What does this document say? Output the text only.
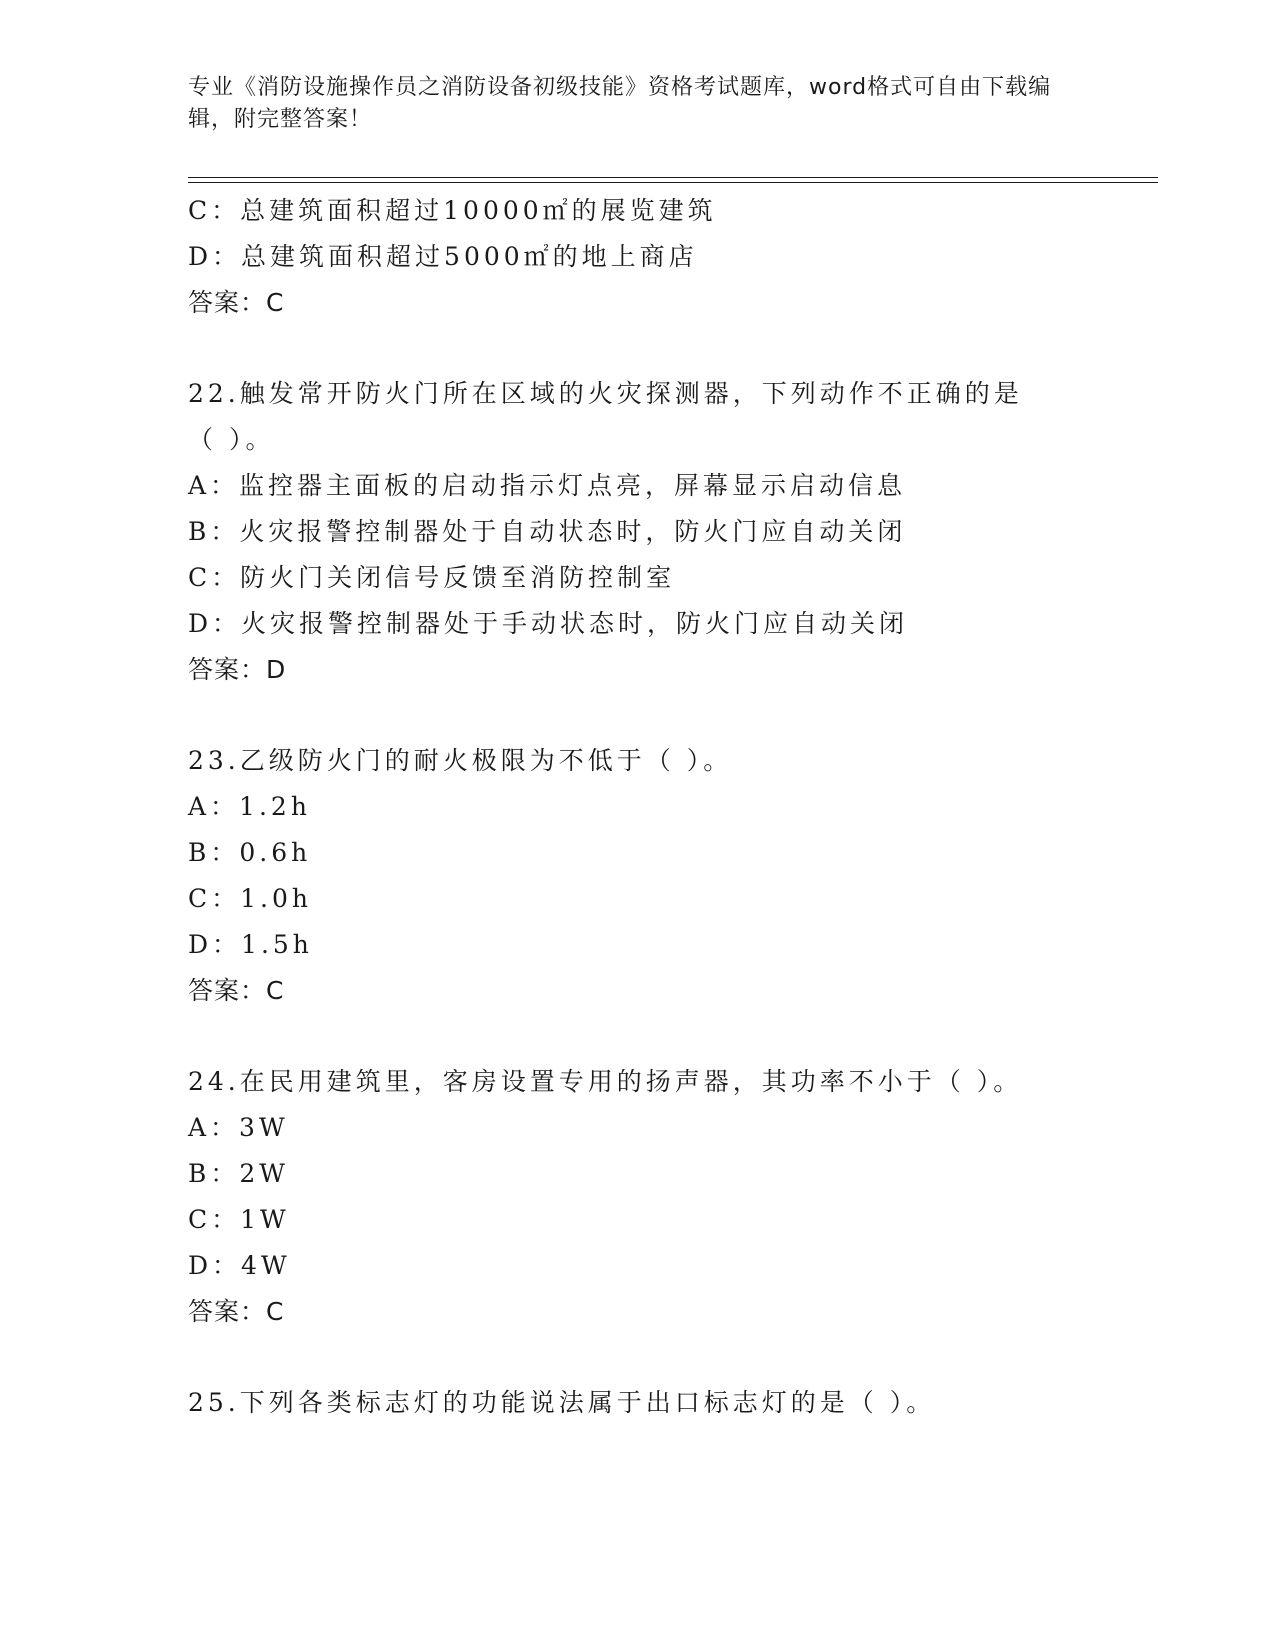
专业《消防设施操作员之消防设备初级技能》资格考试题库，word格式可自由下载编辑，附完整答案！
C：总建筑面积超过10000㎡的展览建筑
D：总建筑面积超过5000㎡的地上商店
答案：C
22.触发常开防火门所在区域的火灾探测器，下列动作不正确的是（ ）。
A：监控器主面板的启动指示灯点亮，屏幕显示启动信息
B：火灾报警控制器处于自动状态时，防火门应自动关闭
C：防火门关闭信号反馈至消防控制室
D：火灾报警控制器处于手动状态时，防火门应自动关闭
答案：D
23.乙级防火门的耐火极限为不低于（ ）。
A：1.2h
B：0.6h
C：1.0h
D：1.5h
答案：C
24.在民用建筑里，客房设置专用的扬声器，其功率不小于（ ）。
A：3W
B：2W
C：1W
D：4W
答案：C
25.下列各类标志灯的功能说法属于出口标志灯的是（ ）。
